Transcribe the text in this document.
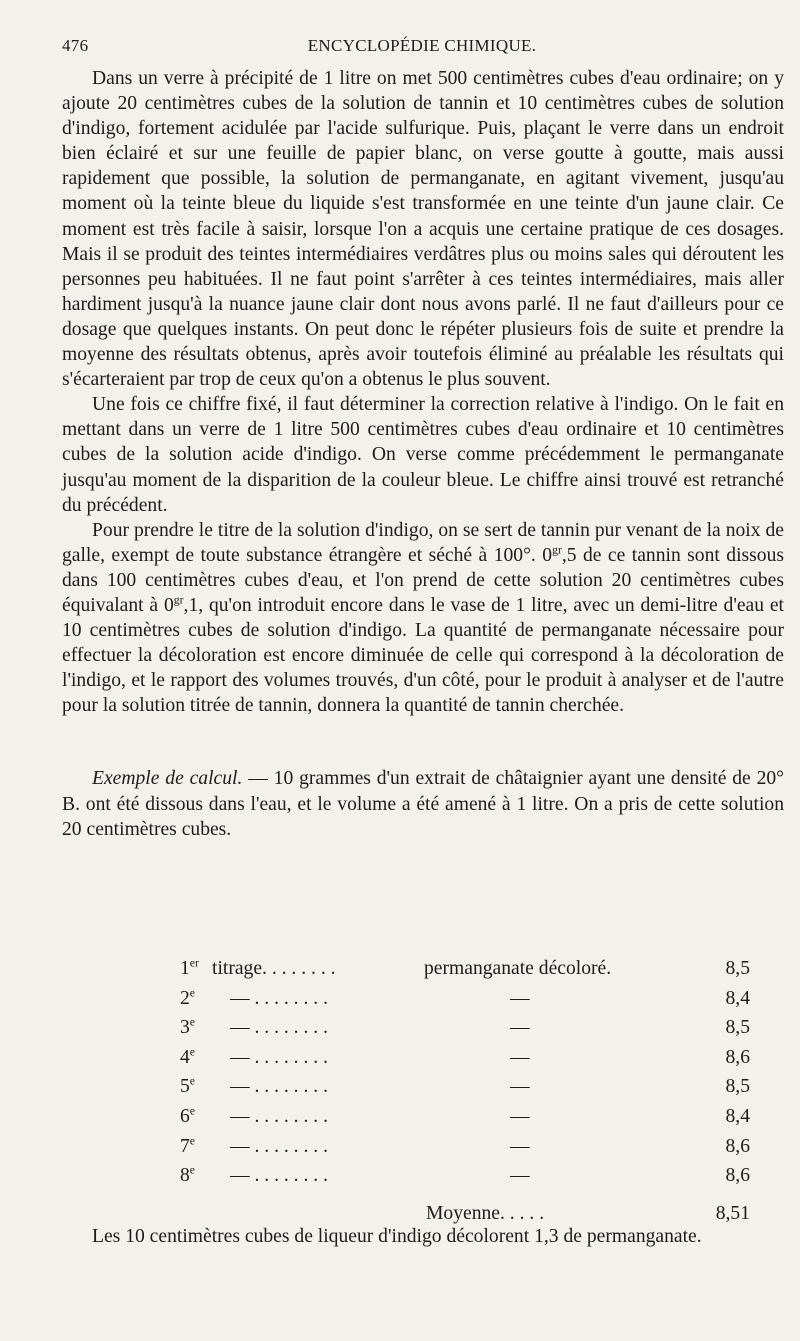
476	ENCYCLOPÉDIE CHIMIQUE.

Dans un verre à précipité de 1 litre on met 500 centimètres cubes d'eau ordinaire; on y ajoute 20 centimètres cubes de la solution de tannin et 10 centimètres cubes de solution d'indigo, fortement acidulée par l'acide sulfurique. Puis, plaçant le verre dans un endroit bien éclairé et sur une feuille de papier blanc, on verse goutte à goutte, mais aussi rapidement que possible, la solution de permanganate, en agitant vivement, jusqu'au moment où la teinte bleue du liquide s'est transformée en une teinte d'un jaune clair. Ce moment est très facile à saisir, lorsque l'on a acquis une certaine pratique de ces dosages. Mais il se produit des teintes intermédiaires verdâtres plus ou moins sales qui déroutent les personnes peu habituées. Il ne faut point s'arrêter à ces teintes intermédiaires, mais aller hardiment jusqu'à la nuance jaune clair dont nous avons parlé. Il ne faut d'ailleurs pour ce dosage que quelques instants. On peut donc le répéter plusieurs fois de suite et prendre la moyenne des résultats obtenus, après avoir toutefois éliminé au préalable les résultats qui s'écarteraient par trop de ceux qu'on a obtenus le plus souvent.

Une fois ce chiffre fixé, il faut déterminer la correction relative à l'indigo. On le fait en mettant dans un verre de 1 litre 500 centimètres cubes d'eau ordinaire et 10 centimètres cubes de la solution acide d'indigo. On verse comme précédemment le permanganate jusqu'au moment de la disparition de la couleur bleue. Le chiffre ainsi trouvé est retranché du précédent.

Pour prendre le titre de la solution d'indigo, on se sert de tannin pur venant de la noix de galle, exempt de toute substance étrangère et séché à 100°. $0^{gr},5$ de ce tannin sont dissous dans 100 centimètres cubes d'eau, et l'on prend de cette solution 20 centimètres cubes équivalant à $0^{gr},1$, qu'on introduit encore dans le vase de 1 litre, avec un demi-litre d'eau et 10 centimètres cubes de solution d'indigo. La quantité de permanganate nécessaire pour effectuer la décoloration est encore diminuée de celle qui correspond à la décoloration de l'indigo, et le rapport des volumes trouvés, d'un côté, pour le produit à analyser et de l'autre pour la solution titrée de tannin, donnera la quantité de tannin cherchée.

Exemple de calcul. — 10 grammes d'un extrait de châtaignier ayant une densité de 20° B. ont été dissous dans l'eau, et le volume a été amené à 1 litre. On a pris de cette solution 20 centimètres cubes.

1er titrage. . . . . . . .	permanganate décoloré.	8,5
2e — . . . . . . . .	—	8,4
3e — . . . . . . . .	—	8,5
4e — . . . . . . . .	—	8,6
5e — . . . . . . . .	—	8,5
6e — . . . . . . . .	—	8,4
7e — . . . . . . . .	—	8,6
8e — . . . . . . . .	—	8,6
Moyenne. . . . .	8,51
Les 10 centimètres cubes de liqueur d'indigo décolorent 1,3 de permanganate.
